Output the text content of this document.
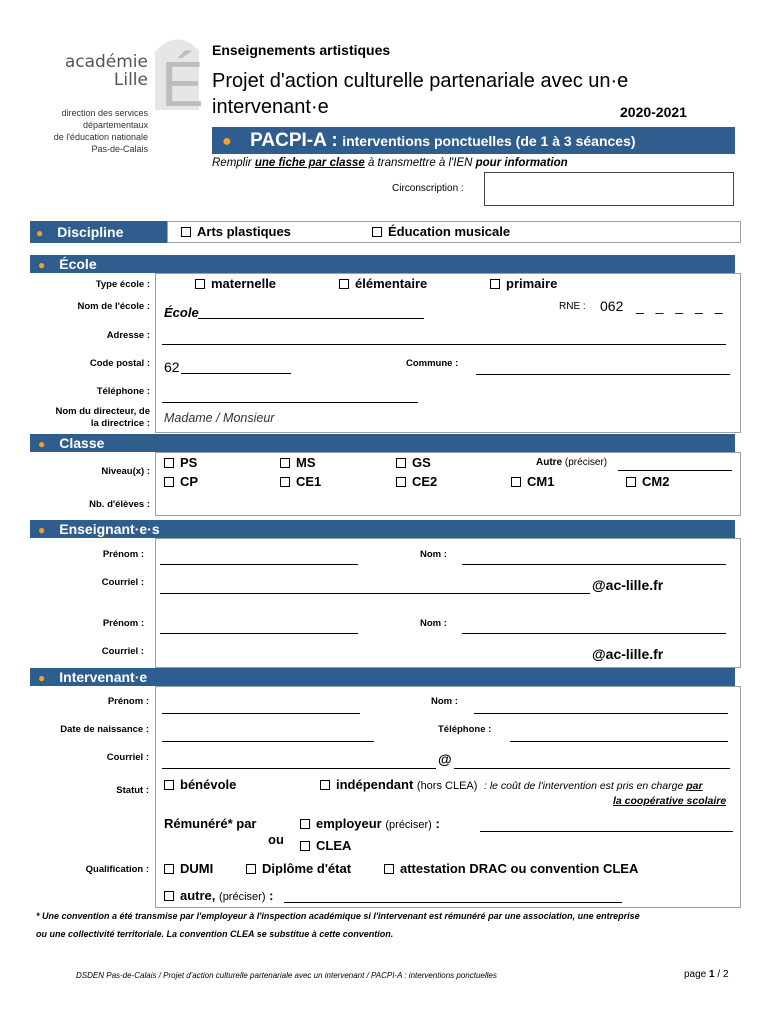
É
académie
Lille
direction des services
départementaux
de l'éducation nationale
Pas-de-Calais
Enseignements artistiques
Projet d'action culturelle partenariale avec un·e
intervenant·e	2020-2021
● PACPI-A : interventions ponctuelles (de 1 à 3 séances)
Remplir une fiche par classe à transmettre à l'IEN pour information
Circonscription :
● Discipline	Arts plastiques	Éducation musicale
● École
Type école :	maternelle	élémentaire	primaire
Nom de l'école : École	RNE : 062 _ _ _ _ _
Adresse :
Code postal : 62	Commune :
Téléphone :
Nom du directeur, de
la directrice : Madame / Monsieur
● Classe
Niveau(x) :
PS	MS	GS	Autre (préciser)
CP	CE1	CE2	CM1	CM2
Nb. d'élèves :
● Enseignant·e·s
Prénom :	Nom :
Courriel :	@ac-lille.fr
Prénom :	Nom :
Courriel :	@ac-lille.fr
● Intervenant·e
Prénom :	Nom :
Date de naissance :	Téléphone :
Courriel :	@
Statut :	bénévole	indépendant (hors CLEA) : le coût de l'intervention est pris en charge par
la coopérative scolaire
Rémunéré* par	employeur (préciser) :
ou	CLEA
Qualification :	DUMI	Diplôme d'état	attestation DRAC ou convention CLEA
autre, (préciser) :
* Une convention a été transmise par l'employeur à l'inspection académique si l'intervenant est rémunéré par une association, une entreprise
ou une collectivité territoriale. La convention CLEA se substitue à cette convention.
DSDEN Pas-de-Calais / Projet d'action culturelle partenariale avec un intervenant / PACPI-A : interventions ponctuelles	page 1 / 2
